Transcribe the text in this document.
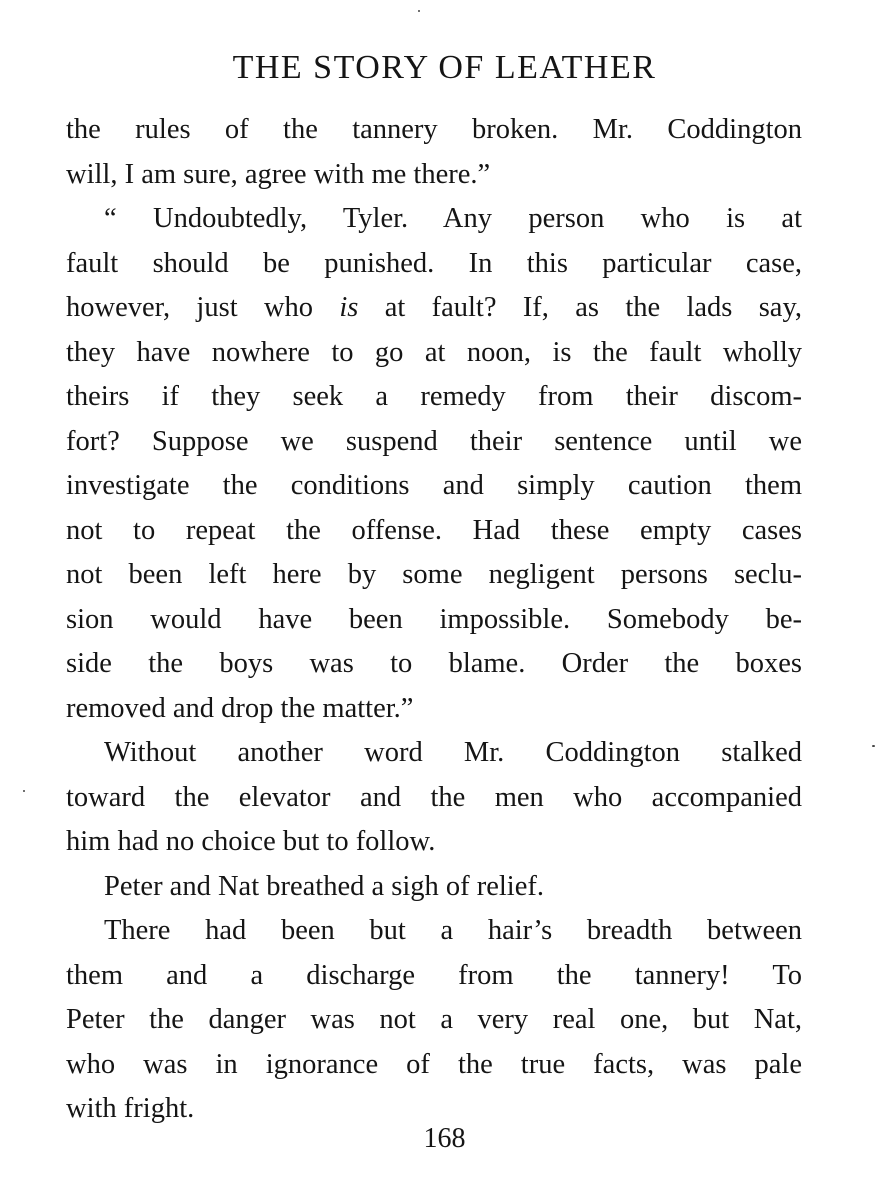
THE STORY OF LEATHER
the rules of the tannery broken. Mr. Coddington
will, I am sure, agree with me there.”
“ Undoubtedly, Tyler. Any person who is at
fault should be punished. In this particular case,
however, just who is at fault? If, as the lads say,
they have nowhere to go at noon, is the fault wholly
theirs if they seek a remedy from their discom-
fort? Suppose we suspend their sentence until we
investigate the conditions and simply caution them
not to repeat the offense. Had these empty cases
not been left here by some negligent persons seclu-
sion would have been impossible. Somebody be-
side the boys was to blame. Order the boxes
removed and drop the matter.”
Without another word Mr. Coddington stalked
toward the elevator and the men who accompanied
him had no choice but to follow.
Peter and Nat breathed a sigh of relief.
There had been but a hair’s breadth between
them and a discharge from the tannery! To
Peter the danger was not a very real one, but Nat,
who was in ignorance of the true facts, was pale
with fright.
168
